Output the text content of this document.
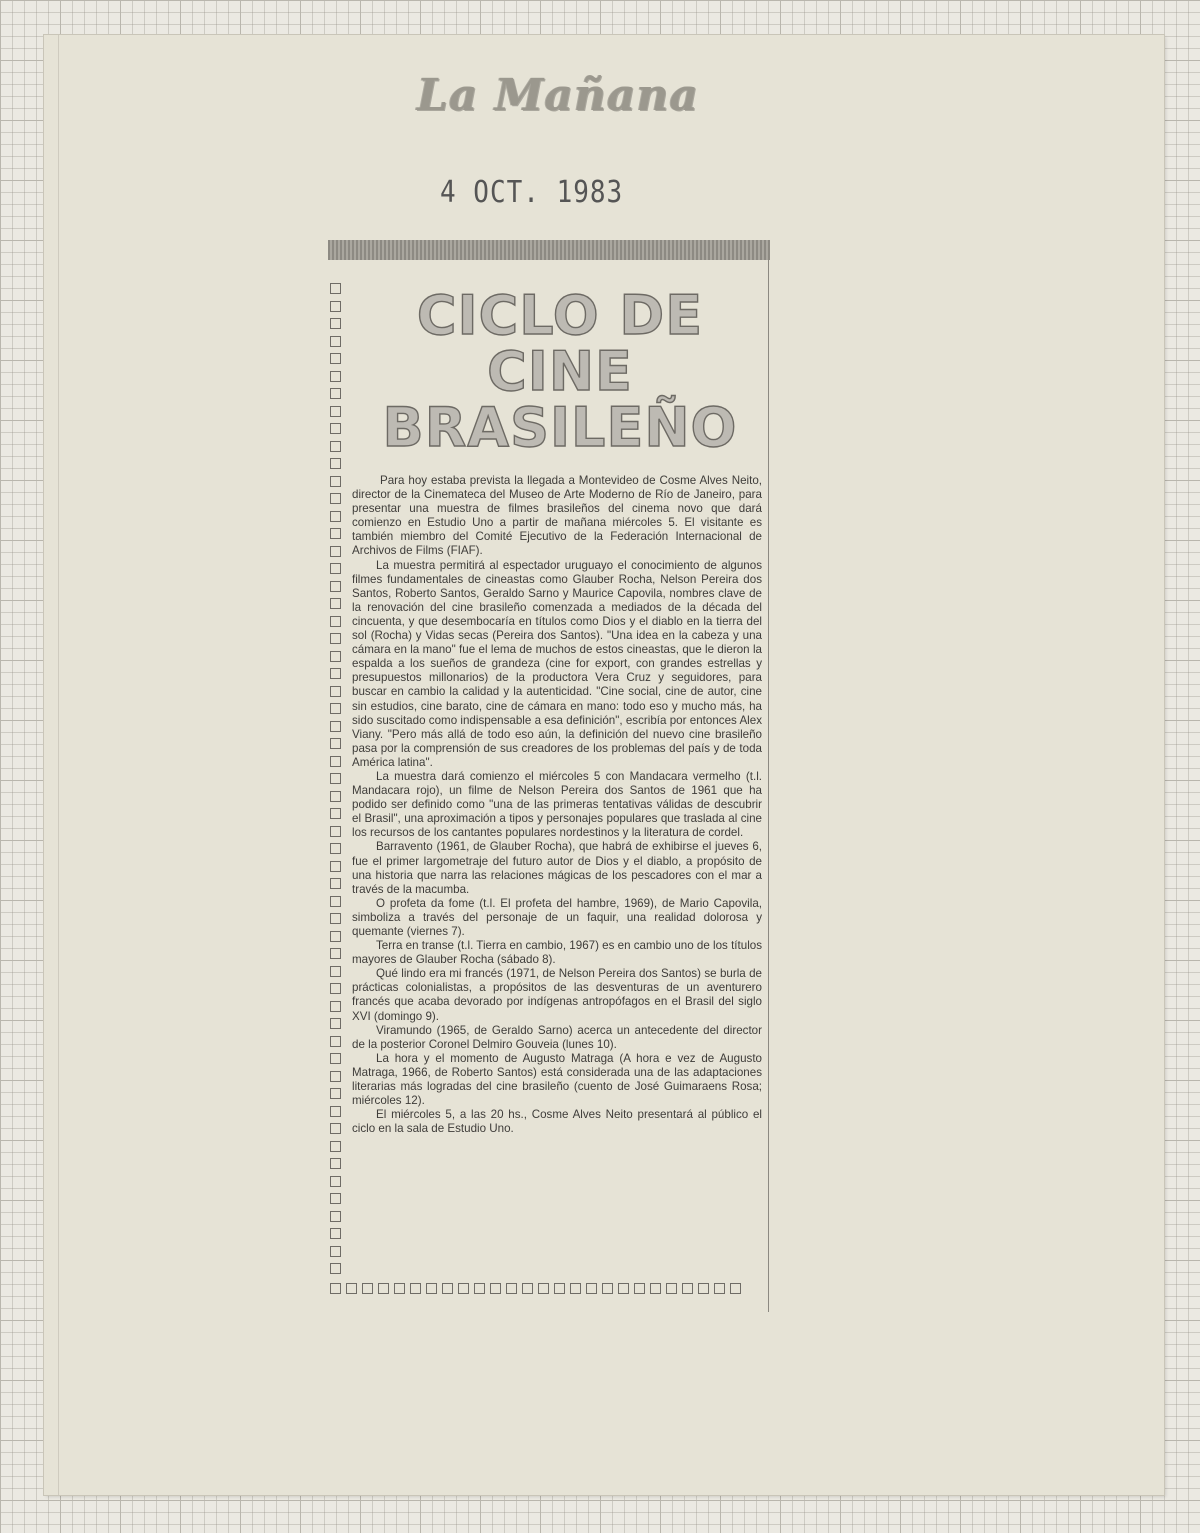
La Mañana
4 OCT. 1983
CICLO DE
CINE
BRASILEÑO

Para hoy estaba prevista la llegada a Montevideo de Cosme Alves Neito, director de la Cinemateca del Museo de Arte Moderno de Río de Janeiro, para presentar una muestra de filmes brasileños del cinema novo que dará comienzo en Estudio Uno a partir de mañana miércoles 5. El visitante es también miembro del Comité Ejecutivo de la Federación Internacional de Archivos de Films (FIAF).

La muestra permitirá al espectador uruguayo el conocimiento de algunos filmes fundamentales de cineastas como Glauber Rocha, Nelson Pereira dos Santos, Roberto Santos, Geraldo Sarno y Maurice Capovila, nombres clave de la renovación del cine brasileño comenzada a mediados de la década del cincuenta, y que desembocaría en títulos como Dios y el diablo en la tierra del sol (Rocha) y Vidas secas (Pereira dos Santos). "Una idea en la cabeza y una cámara en la mano" fue el lema de muchos de estos cineastas, que le dieron la espalda a los sueños de grandeza (cine for export, con grandes estrellas y presupuestos millonarios) de la productora Vera Cruz y seguidores, para buscar en cambio la calidad y la autenticidad. "Cine social, cine de autor, cine sin estudios, cine barato, cine de cámara en mano: todo eso y mucho más, ha sido suscitado como indispensable a esa definición", escribía por entonces Alex Viany. "Pero más allá de todo eso aún, la definición del nuevo cine brasileño pasa por la comprensión de sus creadores de los problemas del país y de toda América latina".

La muestra dará comienzo el miércoles 5 con Mandacara vermelho (t.l. Mandacara rojo), un filme de Nelson Pereira dos Santos de 1961 que ha podido ser definido como "una de las primeras tentativas válidas de descubrir el Brasil", una aproximación a tipos y personajes populares que traslada al cine los recursos de los cantantes populares nordestinos y la literatura de cordel.

Barravento (1961, de Glauber Rocha), que habrá de exhibirse el jueves 6, fue el primer largometraje del futuro autor de Dios y el diablo, a propósito de una historia que narra las relaciones mágicas de los pescadores con el mar a través de la macumba.

O profeta da fome (t.l. El profeta del hambre, 1969), de Mario Capovila, simboliza a través del personaje de un faquir, una realidad dolorosa y quemante (viernes 7).

Terra en transe (t.l. Tierra en cambio, 1967) es en cambio uno de los títulos mayores de Glauber Rocha (sábado 8).

Qué lindo era mi francés (1971, de Nelson Pereira dos Santos) se burla de prácticas colonialistas, a propósitos de las desventuras de un aventurero francés que acaba devorado por indígenas antropófagos en el Brasil del siglo XVI (domingo 9).

Viramundo (1965, de Geraldo Sarno) acerca un antecedente del director de la posterior Coronel Delmiro Gouveia (lunes 10).

La hora y el momento de Augusto Matraga (A hora e vez de Augusto Matraga, 1966, de Roberto Santos) está considerada una de las adaptaciones literarias más logradas del cine brasileño (cuento de José Guimaraens Rosa; miércoles 12).

El miércoles 5, a las 20 hs., Cosme Alves Neito presentará al público el ciclo en la sala de Estudio Uno.
